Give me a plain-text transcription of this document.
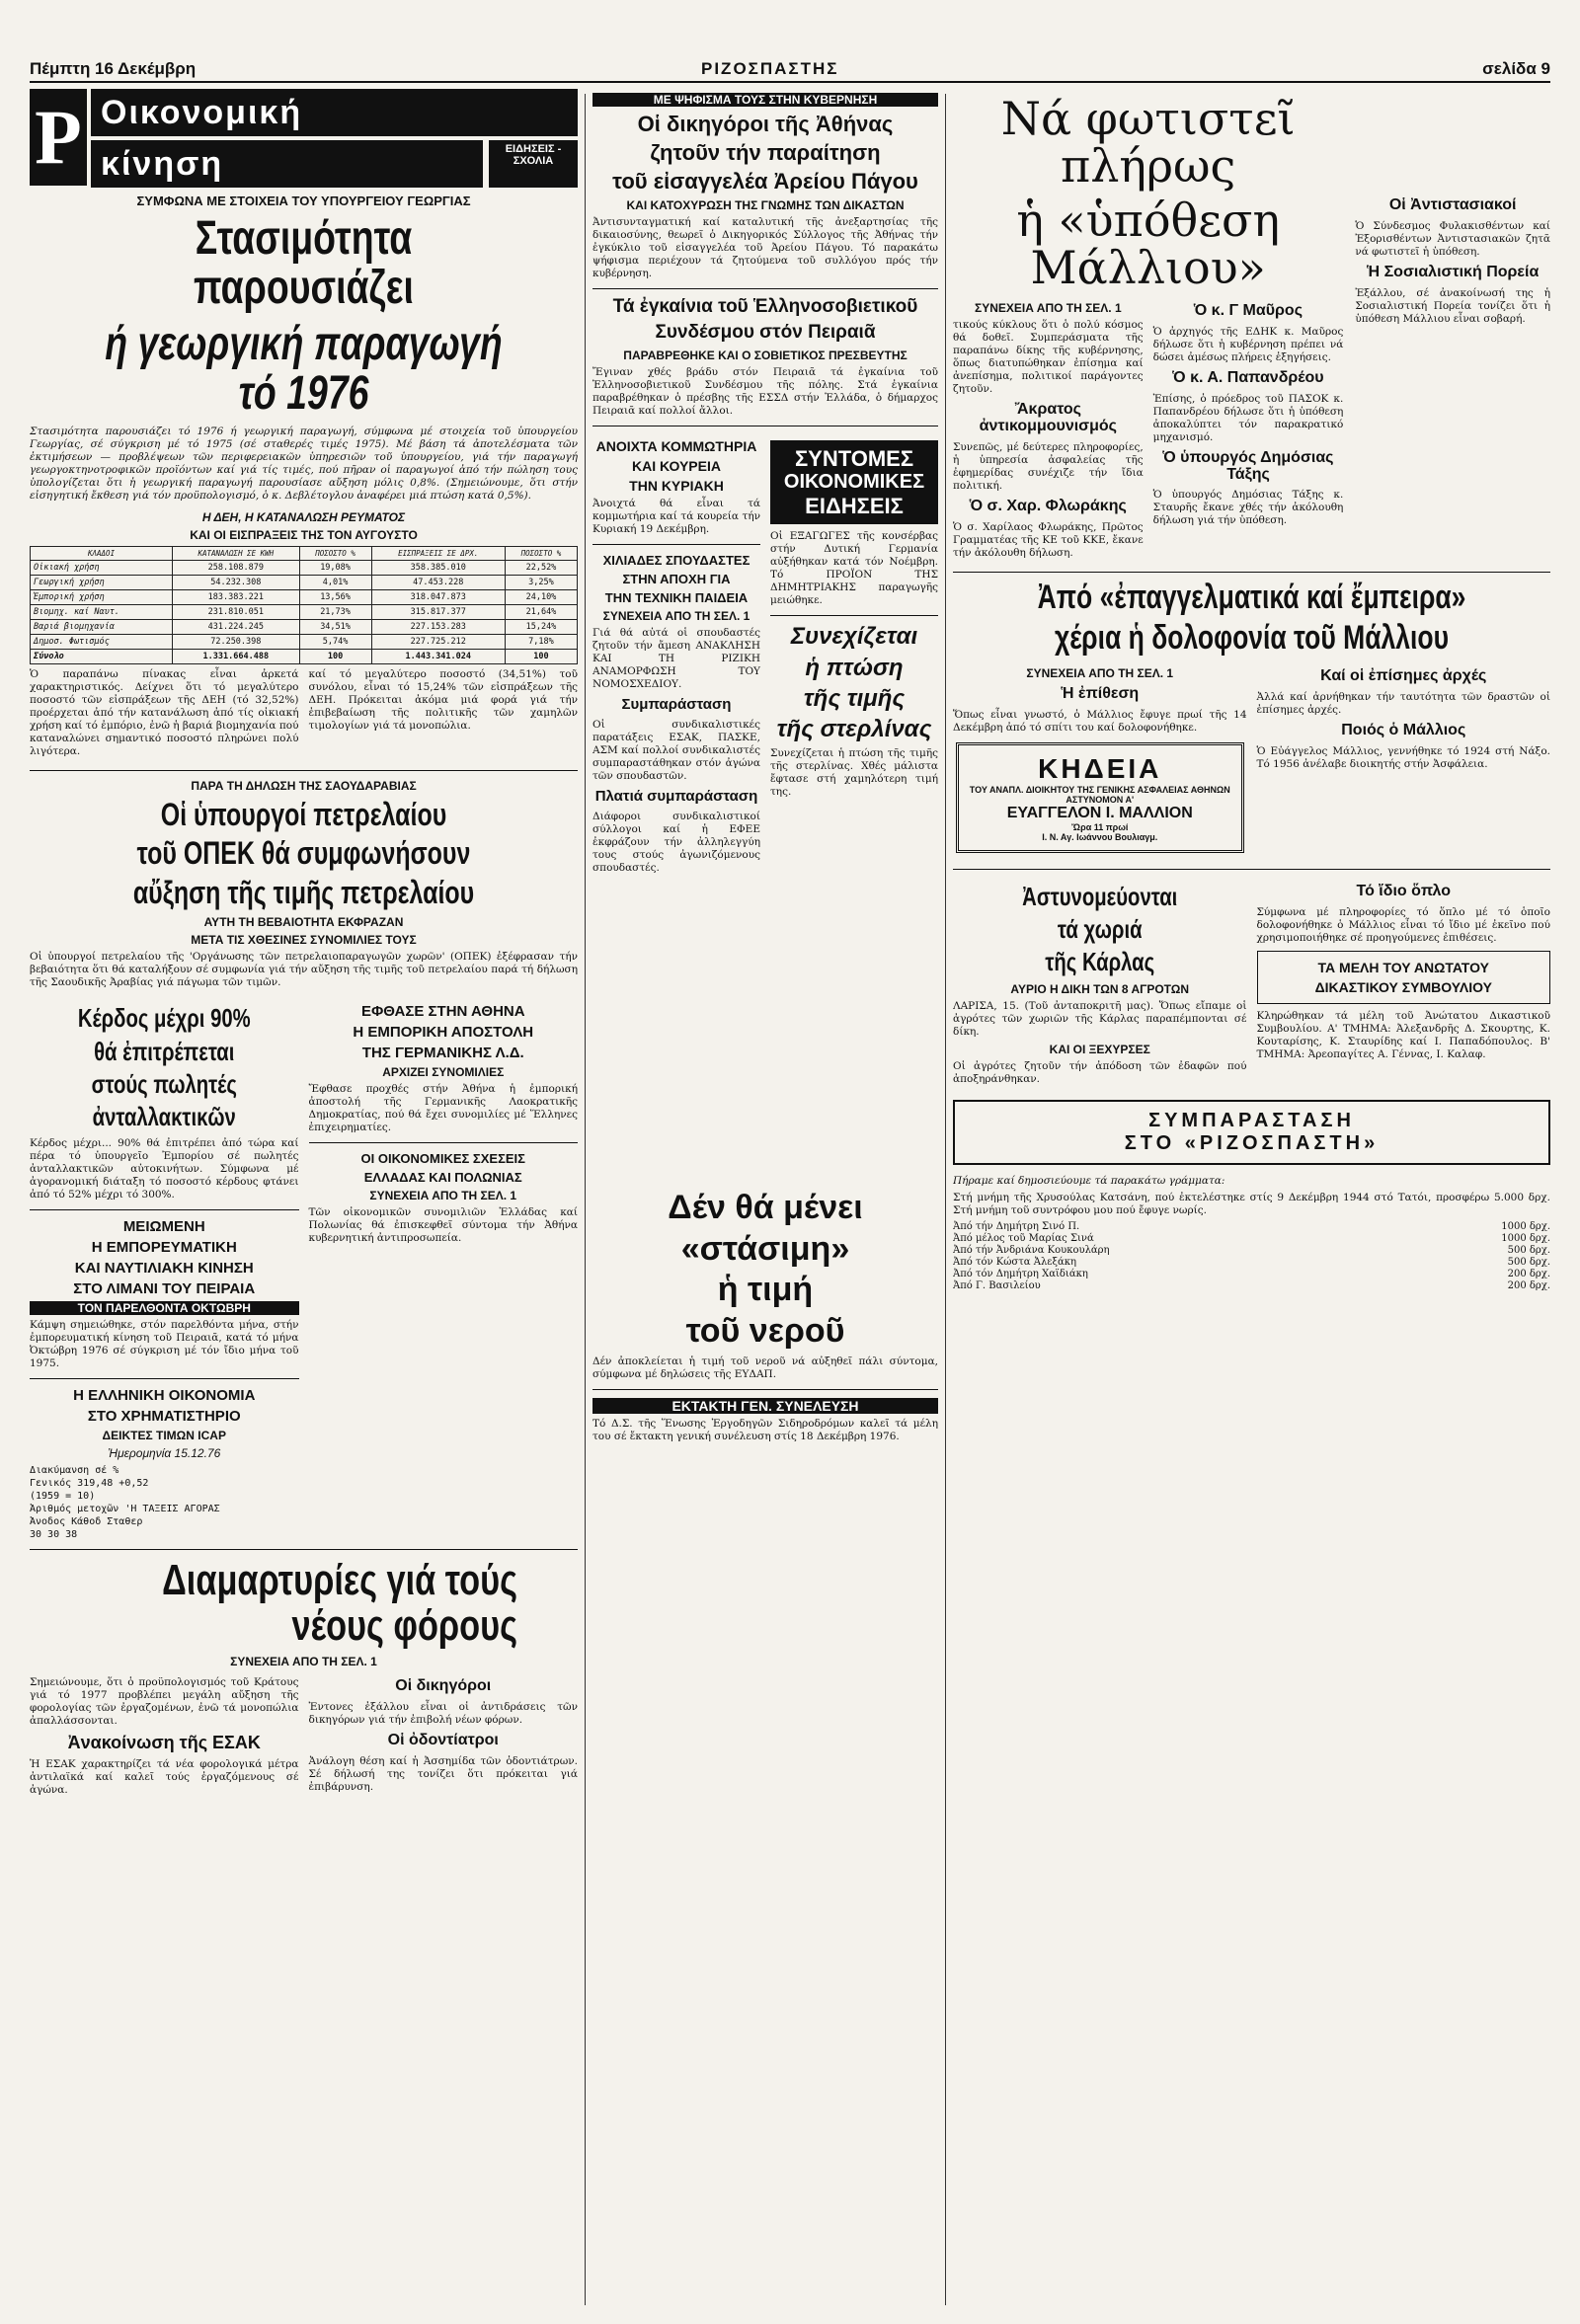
Πέμπτη 16 Δεκέμβρη	ΡΙΖΟΣΠΑΣΤΗΣ	σελίδα 9
Ρ Οικονομική
κίνηση	ΕΙΔΗΣΕΙΣ - ΣΧΟΛΙΑ
ΣΥΜΦΩΝΑ ΜΕ ΣΤΟΙΧΕΙΑ ΤΟΥ ΥΠΟΥΡΓΕΙΟΥ ΓΕΩΡΓΙΑΣ
Στασιμότητα παρουσιάζει
ή γεωργική παραγωγή τό 1976
Στασιμότητα παρουσιάζει τό 1976 ή γεωργική παραγωγή, σύμφωνα μέ στοιχεία τοῦ ὑπουργείου Γεωργίας, σέ σύγκριση μέ τό 1975 (σέ σταθερές τιμές 1975). Μέ βάση τά ἀποτελέσματα τῶν ἐκτιμήσεων — προβλέψεων τῶν περιφερειακῶν ὑπηρεσιῶν τοῦ ὑπουργείου, γιά τήν παραγωγή γεωργοκτηνοτροφικῶν προϊόντων καί γιά τίς τιμές, πού πῆραν οἱ παραγωγοί ἀπό τήν πώληση τους ὑπολογίζεται ὅτι ἡ γεωργική παραγωγή παρουσίασε αὔξηση μόλις 0,8%. (Σημειώνουμε, ὅτι στήν εἰσηγητική ἔκθεση γιά τόν προϋπολογισμό, ὁ κ. Δεβλέτογλου ἀναφέρει μιά πτώση κατά 0,5%).
Η ΔΕΗ, Η ΚΑΤΑΝΑΛΩΣΗ ΡΕΥΜΑΤΟΣ
ΚΑΙ ΟΙ ΕΙΣΠΡΑΞΕΙΣ ΤΗΣ ΤΟΝ ΑΥΓΟΥΣΤΟ
ΚΛΑΔΟΙ	ΚΑΤΑΝΑΛΩΣΗ ΣΕ KWH	ΠΟΣΟΣΤΟ %	ΕΙΣΠΡΑΞΕΙΣ ΣΕ ΔΡΧ.	ΠΟΣΟΣΤΟ %
Οἰκιακή χρήση	258.108.879	19,08%	358.385.010	22,52%
Γεωργική χρήση	54.232.308	4,01%	47.453.228	3,25%
Ἐμπορική χρήση	183.383.221	13,56%	318.047.873	24,10%
Βιομηχ. καί Ναυτ.	231.810.051	21,73%	315.817.377	21,64%
Βαριά βιομηχανία	431.224.245	34,51%	227.153.283	15,24%
Δημοσ. Φωτισμός	72.250.398	5,74%	227.725.212	7,18%
Σύνολο	1.331.664.488	100	1.443.341.024	100
Ὁ παραπάνω πίνακας εἶναι ἀρκετά χαρακτηριστικός. Δείχνει ὅτι τό μεγαλύτερο ποσοστό τῶν εἰσπράξεων τῆς ΔΕΗ (τό 32,52%) προέρχεται ἀπό τήν κατανάλωση ἀπό τίς οἰκιακή χρήση καί τό ἐμπόριο, ἐνῶ ἡ βαριά βιομηχανία πού καταναλώνει σημαντικό ποσοστό πληρώνει πολύ λιγότερα.
καί τό μεγαλύτερο ποσοστό (34,51%) τοῦ συνόλου, εἶναι τό 15,24% τῶν εἰσπράξεων τῆς ΔΕΗ. Πρόκειται ἀκόμα μιά φορά γιά τήν ἐπιβεβαίωση τῆς πολιτικῆς τῶν χαμηλῶν τιμολογίων γιά τά μονοπώλια.
ΠΑΡΑ ΤΗ ΔΗΛΩΣΗ ΤΗΣ ΣΑΟΥΔΑΡΑΒΙΑΣ
Οἱ ὑπουργοί πετρελαίου
τοῦ ΟΠΕΚ θά συμφωνήσουν
αὔξηση τῆς τιμῆς πετρελαίου
ΑΥΤΗ ΤΗ ΒΕΒΑΙΟΤΗΤΑ ΕΚΦΡΑΖΑΝ
ΜΕΤΑ ΤΙΣ ΧΘΕΣΙΝΕΣ ΣΥΝΟΜΙΛΙΕΣ ΤΟΥΣ
Οἱ ὑπουργοί πετρελαίου τῆς 'Οργάνωσης τῶν πετρελαιοπαραγωγῶν χωρῶν' (ΟΠΕΚ) ἐξέφρασαν τήν βεβαιότητα ὅτι θά καταλήξουν σέ συμφωνία γιά τήν αὔξηση τῆς τιμῆς τοῦ πετρελαίου παρά τή δήλωση τῆς Σαουδικῆς Ἀραβίας γιά πάγωμα τῶν τιμῶν.
Κέρδος μέχρι 90%
θά ἐπιτρέπεται
στούς πωλητές
ἀνταλλακτικῶν
Κέρδος μέχρι... 90% θά ἐπιτρέπει ἀπό τώρα καί πέρα τό ὑπουργεῖο Ἐμπορίου σέ πωλητές ἀνταλλακτικῶν αὐτοκινήτων. Σύμφωνα μέ ἀγορανομική διάταξη τό ποσοστό κέρδους φτάνει ἀπό τό 52% μέχρι τό 300%.
ΜΕΙΩΜΕΝΗ
Η ΕΜΠΟΡΕΥΜΑΤΙΚΗ
ΚΑΙ ΝΑΥΤΙΛΙΑΚΗ ΚΙΝΗΣΗ
ΣΤΟ ΛΙΜΑΝΙ ΤΟΥ ΠΕΙΡΑΙΑ
ΤΟΝ ΠΑΡΕΛΘΟΝΤΑ ΟΚΤΩΒΡΗ
Κάμψη σημειώθηκε, στόν παρελθόντα μήνα, στήν ἐμπορευματική κίνηση τοῦ Πειραιᾶ, κατά τό μήνα Ὀκτώβρη 1976 σέ σύγκριση μέ τόν ἴδιο μήνα τοῦ 1975.
Η ΕΛΛΗΝΙΚΗ ΟΙΚΟΝΟΜΙΑ
ΣΤΟ ΧΡΗΜΑΤΙΣΤΗΡΙΟ
ΔΕΙΚΤΕΣ ΤΙΜΩΝ ICAP
Ἡμερομηνία 15.12.76
Διακύμανση σέ %
Γενικός 319,48 +0,52
(1959 = 10)
Ἀριθμός μετοχῶν 'Η ΤΑΞΕΙΣ ΑΓΟΡΑΣ
Ἀνοδος Κάθοδ Σταθερ
30 30 38
ΕΦΘΑΣΕ ΣΤΗΝ ΑΘΗΝΑ
Η ΕΜΠΟΡΙΚΗ ΑΠΟΣΤΟΛΗ
ΤΗΣ ΓΕΡΜΑΝΙΚΗΣ Λ.Δ.
ΑΡΧΙΖΕΙ ΣΥΝΟΜΙΛΙΕΣ
Ἔφθασε προχθές στήν Ἀθήνα ἡ ἐμπορική ἀποστολή τῆς Γερμανικῆς Λαοκρατικῆς Δημοκρατίας, πού θά ἔχει συνομιλίες μέ Ἕλληνες ἐπιχειρηματίες.
ΟΙ ΟΙΚΟΝΟΜΙΚΕΣ ΣΧΕΣΕΙΣ
ΕΛΛΑΔΑΣ ΚΑΙ ΠΟΛΩΝΙΑΣ
ΣΥΝΕΧΕΙΑ ΑΠΟ ΤΗ ΣΕΛ. 1
Τῶν οἰκονομικῶν συνομιλιῶν Ἑλλάδας καί Πολωνίας θά ἐπισκεφθεῖ σύντομα τήν Ἀθήνα κυβερνητική ἀντιπροσωπεία.
Διαμαρτυρίες γιά τούς νέους φόρους
ΣΥΝΕΧΕΙΑ ΑΠΟ ΤΗ ΣΕΛ. 1
Σημειώνουμε, ὅτι ὁ προϋπολογισμός τοῦ Κράτους γιά τό 1977 προβλέπει μεγάλη αὔξηση τῆς φορολογίας τῶν ἐργαζομένων, ἐνῶ τά μονοπώλια ἀπαλλάσσονται.
Ἀνακοίνωση τῆς ΕΣΑΚ
Ἡ ΕΣΑΚ χαρακτηρίζει τά νέα φορολογικά μέτρα ἀντιλαϊκά καί καλεῖ τούς ἐργαζόμενους σέ ἀγώνα.
Οἱ δικηγόροι
Ἐντονες ἐξάλλου εἶναι οἱ ἀντιδράσεις τῶν δικηγόρων γιά τήν ἐπιβολή νέων φόρων.
Οἱ ὀδοντίατροι
Ἀνάλογη θέση καί ἡ Ἀσσημίδα τῶν ὀδοντιάτρων. Σέ δήλωσή της τονίζει ὅτι πρόκειται γιά ἐπιβάρυνση.
ΜΕ ΨΗΦΙΣΜΑ ΤΟΥΣ ΣΤΗΝ ΚΥΒΕΡΝΗΣΗ
Οἱ δικηγόροι τῆς Ἀθήνας
ζητοῦν τήν παραίτηση
τοῦ εἰσαγγελέα Ἀρείου Πάγου
ΚΑΙ ΚΑΤΟΧΥΡΩΣΗ ΤΗΣ ΓΝΩΜΗΣ ΤΩΝ ΔΙΚΑΣΤΩΝ
Ἀντισυνταγματική καί καταλυτική τῆς ἀνεξαρτησίας τῆς δικαιοσύνης, θεωρεῖ ὁ Δικηγορικός Σύλλογος τῆς Ἀθήνας τήν ἐγκύκλιο τοῦ εἰσαγγελέα τοῦ Ἀρείου Πάγου. Τό παρακάτω ψήφισμα περιέχουν τά ζητούμενα τοῦ συλλόγου πρός τήν κυβέρνηση.
Τά ἐγκαίνια τοῦ Ἑλληνοσοβιετικοῦ
Συνδέσμου στόν Πειραιᾶ
ΠΑΡΑΒΡΕΘΗΚΕ ΚΑΙ Ο ΣΟΒΙΕΤΙΚΟΣ ΠΡΕΣΒΕΥΤΗΣ
Ἔγιναν χθές βράδυ στόν Πειραιᾶ τά ἐγκαίνια τοῦ Ἑλληνοσοβιετικοῦ Συνδέσμου τῆς πόλης. Στά ἐγκαίνια παραβρέθηκαν ὁ πρέσβης τῆς ΕΣΣΔ στήν Ἑλλάδα, ὁ δήμαρχος Πειραιᾶ καί πολλοί ἄλλοι.
ΑΝΟΙΧΤΑ ΚΟΜΜΩΤΗΡΙΑ
ΚΑΙ ΚΟΥΡΕΙΑ
ΤΗΝ ΚΥΡΙΑΚΗ
Ἀνοιχτά θά εἶναι τά κομμωτήρια καί τά κουρεία τήν Κυριακή 19 Δεκέμβρη.
ΧΙΛΙΑΔΕΣ ΣΠΟΥΔΑΣΤΕΣ
ΣΤΗΝ ΑΠΟΧΗ ΓΙΑ
ΤΗΝ ΤΕΧΝΙΚΗ ΠΑΙΔΕΙΑ
ΣΥΝΕΧΕΙΑ ΑΠΟ ΤΗ ΣΕΛ. 1
Γιά θά αὐτά οἱ σπουδαστές ζητοῦν τήν ἄμεση ΑΝΑΚΛΗΣΗ ΚΑΙ ΤΗ ΡΙΖΙΚΗ ΑΝΑΜΟΡΦΩΣΗ ΤΟΥ ΝΟΜΟΣΧΕΔΙΟΥ.
Συμπαράσταση
Οἱ συνδικαλιστικές παρατάξεις ΕΣΑΚ, ΠΑΣΚΕ, ΑΣΜ καί πολλοί συνδικαλιστές συμπαραστάθηκαν στόν ἀγώνα τῶν σπουδαστῶν.
Πλατιά συμπαράσταση
Διάφοροι συνδικαλιστικοί σύλλογοι καί ἡ ΕΦΕΕ ἐκφράζουν τήν ἀλληλεγγύη τους στούς ἀγωνιζόμενους σπουδαστές.
ΣΥΝΤΟΜΕΣ
ΟΙΚΟΝΟΜΙΚΕΣ
ΕΙΔΗΣΕΙΣ
Οἱ ΕΞΑΓΩΓΕΣ τῆς κονσέρβας στήν Δυτική Γερμανία αὐξήθηκαν κατά τόν Νοέμβρη. Τό ΠΡΟΪΟΝ ΤΗΣ ΔΗΜΗΤΡΙΑΚΗΣ παραγωγῆς μειώθηκε.
Συνεχίζεται
ἡ πτώση
τῆς τιμῆς
τῆς στερλίνας
Συνεχίζεται ἡ πτώση τῆς τιμῆς τῆς στερλίνας. Χθές μάλιστα ἔφτασε στή χαμηλότερη τιμή της.
Νά φωτιστεῖ πλήρως
ἡ «ὑπόθεση Μάλλιου»
ΣΥΝΕΧΕΙΑ ΑΠΟ ΤΗ ΣΕΛ. 1
τικούς κύκλους ὅτι ὁ πολύ κόσμος θά δοθεῖ. Συμπεράσματα τῆς παραπάνω δίκης τῆς κυβέρνησης, ὅπως διατυπώθηκαν ἐπίσημα καί ἀνεπίσημα, πολιτικοί παράγοντες ζητοῦν.
Ἄκρατος ἀντικομμουνισμός
Συνεπῶς, μέ δεύτερες πληροφορίες, ἡ ὑπηρεσία ἀσφαλείας τῆς ἐφημερίδας συνέχιζε τήν ἴδια πολιτική.
Ὁ σ. Χαρ. Φλωράκης
Ὁ σ. Χαρίλαος Φλωράκης, Πρῶτος Γραμματέας τῆς ΚΕ τοῦ ΚΚΕ, ἔκανε τήν ἀκόλουθη δήλωση.
Ὁ κ. Γ Μαῦρος
Ὁ ἀρχηγός τῆς ΕΔΗΚ κ. Μαῦρος δήλωσε ὅτι ἡ κυβέρνηση πρέπει νά δώσει ἀμέσως πλήρεις ἐξηγήσεις.
Ὁ κ. Α. Παπανδρέου
Ἐπίσης, ὁ πρόεδρος τοῦ ΠΑΣΟΚ κ. Παπανδρέου δήλωσε ὅτι ἡ ὑπόθεση ἀποκαλύπτει τόν παρακρατικό μηχανισμό.
Ὁ ὑπουργός Δημόσιας Τάξης
Ὁ ὑπουργός Δημόσιας Τάξης κ. Σταυρῆς ἔκανε χθές τήν ἀκόλουθη δήλωση γιά τήν ὑπόθεση.
Οἱ Ἀντιστασιακοί
Ὁ Σύνδεσμος Φυλακισθέντων καί Ἐξορισθέντων Ἀντιστασιακῶν ζητᾶ νά φωτιστεῖ ἡ ὑπόθεση.
Ἡ Σοσιαλιστική Πορεία
Ἐξάλλου, σέ ἀνακοίνωσή της ἡ Σοσιαλιστική Πορεία τονίζει ὅτι ἡ ὑπόθεση Μάλλιου εἶναι σοβαρή.
Ἀπό «ἐπαγγελματικά καί ἔμπειρα»
χέρια ἡ δολοφονία τοῦ Μάλλιου
ΣΥΝΕΧΕΙΑ ΑΠΟ ΤΗ ΣΕΛ. 1
Ἡ ἐπίθεση
Ὅπως εἶναι γνωστό, ὁ Μάλλιος ἔφυγε πρωί τῆς 14 Δεκέμβρη ἀπό τό σπίτι του καί δολοφονήθηκε.
ΚΗΔΕΙΑ
ΤΟΥ ΑΝΑΠΛ. ΔΙΟΙΚΗΤΟΥ ΤΗΣ ΓΕΝΙΚΗΣ ΑΣΦΑΛΕΙΑΣ ΑΘΗΝΩΝ
ΑΣΤΥΝΟΜΟΝ Α'
ΕΥΑΓΓΕΛΟΝ Ι. ΜΑΛΛΙΟΝ
Ὥρα 11 πρωί
Ι. Ν. Αγ. Ιωάννου Βουλιαγμ.
Καί οἱ ἐπίσημες ἀρχές
Ἀλλά καί ἀρνήθηκαν τήν ταυτότητα τῶν δραστῶν οἱ ἐπίσημες ἀρχές.
Ποιός ὁ Μάλλιος
Ὁ Εὐάγγελος Μάλλιος, γεννήθηκε τό 1924 στή Νάξο. Τό 1956 ἀνέλαβε διοικητής στήν Ἀσφάλεια.
Ἀστυνομεύονται
τά χωριά
τῆς Κάρλας
ΑΥΡΙΟ Η ΔΙΚΗ ΤΩΝ 8 ΑΓΡΟΤΩΝ
ΛΑΡΙΣΑ, 15. (Τοῦ ἀνταποκριτῆ μας). Ὅπως εἴπαμε οἱ ἀγρότες τῶν χωριῶν τῆς Κάρλας παραπέμπονται σέ δίκη.
ΚΑΙ ΟΙ ΞΕΧΥΡΣΕΣ
Οἱ ἀγρότες ζητοῦν τήν ἀπόδοση τῶν ἐδαφῶν πού ἀποξηράνθηκαν.
Τό ἴδιο ὅπλο
Σύμφωνα μέ πληροφορίες τό ὅπλο μέ τό ὁποῖο δολοφονήθηκε ὁ Μάλλιος εἶναι τό ἴδιο μέ ἐκεῖνο πού χρησιμοποιήθηκε σέ προηγούμενες ἐπιθέσεις.
ΤΑ ΜΕΛΗ ΤΟΥ ΑΝΩΤΑΤΟΥ
ΔΙΚΑΣΤΙΚΟΥ ΣΥΜΒΟΥΛΙΟΥ
Κληρώθηκαν τά μέλη τοῦ Ἀνώτατου Δικαστικοῦ Συμβουλίου. Α' ΤΜΗΜΑ: Ἀλεξανδρῆς Δ. Σκουρτης, Κ. Κουταρίσης, Κ. Σταυρίδης καί Ι. Παπαδόπουλος. Β' ΤΜΗΜΑ: Ἀρεοπαγίτες Α. Γέννας, Ι. Καλαφ.
ΣΥΜΠΑΡΑΣΤΑΣΗ
ΣΤΟ «ΡΙΖΟΣΠΑΣΤΗ»
Πήραμε καί δημοσιεύουμε τά παρακάτω γράμματα:
Στή μνήμη τῆς Χρυσούλας Κατσάνη, πού ἐκτελέστηκε στίς 9 Δεκέμβρη 1944 στό Τατόι, προσφέρω 5.000 δρχ. Στή μνήμη τοῦ συντρόφου μου πού ἔφυγε νωρίς.
Ἀπό τήν Δημήτρη Σινό Π.	1000 δρχ.
Ἀπό μέλος τοῦ Μαρίας Σινά	1000 δρχ.
Ἀπό τήν Ἀνδριάνα Κουκουλάρη	500 δρχ.
Ἀπό τόν Κώστα Ἀλεξάκη	500 δρχ.
Ἀπό τόν Δημήτρη Χαϊδιάκη	200 δρχ.
Ἀπό Γ. Βασιλείου	200 δρχ.
Δέν θά μένει
«στάσιμη»
ἡ τιμή
τοῦ νεροῦ
Δέν ἀποκλείεται ἡ τιμή τοῦ νεροῦ νά αὐξηθεῖ πάλι σύντομα, σύμφωνα μέ δηλώσεις τῆς ΕΥΔΑΠ.
ΕΚΤΑΚΤΗ ΓΕΝ. ΣΥΝΕΛΕΥΣΗ
Τό Δ.Σ. τῆς Ἕνωσης Ἐργοδηγῶν Σιδηροδρόμων καλεῖ τά μέλη του σέ ἔκτακτη γενική συνέλευση στίς 18 Δεκέμβρη 1976.
